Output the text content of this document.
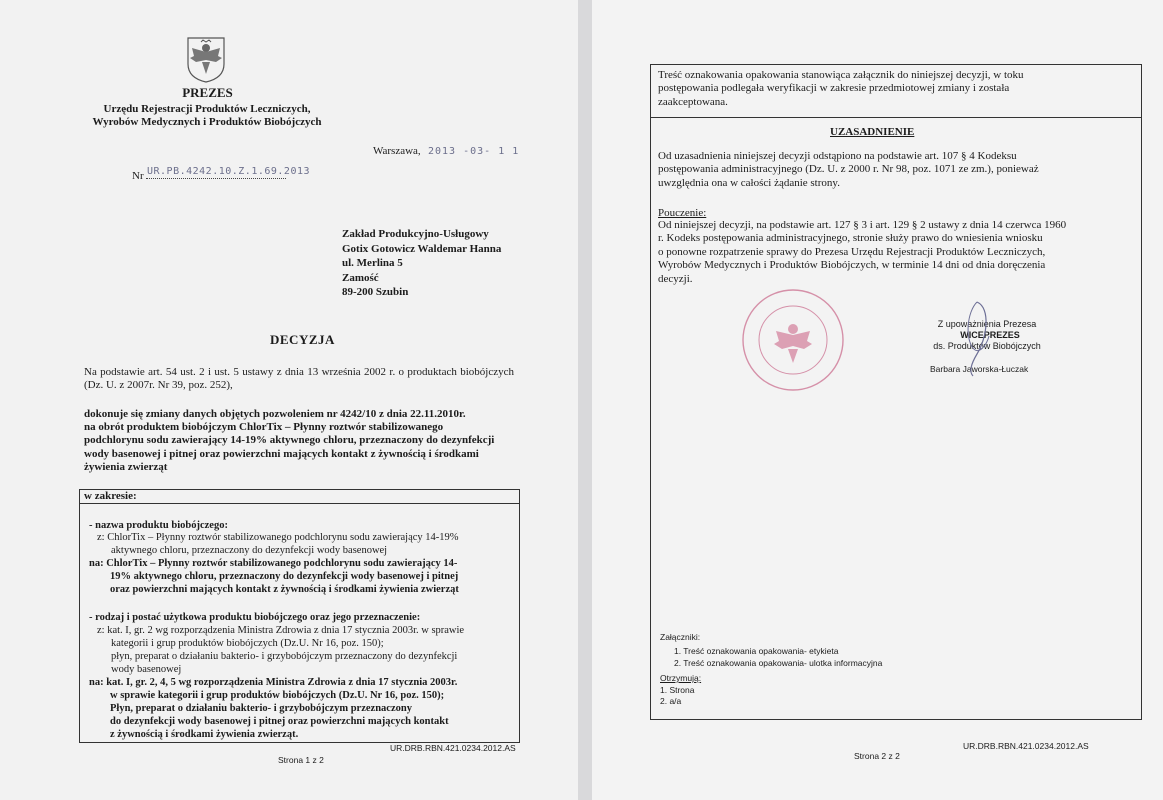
PREZES
Urzędu Rejestracji Produktów Leczniczych,
Wyrobów Medycznych i Produktów Biobójczych
Warszawa, 2013 -03- 1 1
Nr UR.PB.4242.10.Z.1.69.2013
Zakład Produkcyjno-Usługowy
Gotix Gotowicz Waldemar Hanna
ul. Merlina 5
Zamość
89-200 Szubin
DECYZJA
Na podstawie art. 54 ust. 2 i ust. 5 ustawy z dnia 13 września 2002 r. o produktach biobójczych (Dz. U. z 2007r. Nr 39, poz. 252),
dokonuje się zmiany danych objętych pozwoleniem nr 4242/10 z dnia 22.11.2010r.
na obrót produktem biobójczym ChlorTix – Płynny roztwór stabilizowanego
podchlorynu sodu zawierający 14-19% aktywnego chloru, przeznaczony do dezynfekcji
wody basenowej i pitnej oraz powierzchni mających kontakt z żywnością i środkami
żywienia zwierząt
w zakresie:
- nazwa produktu biobójczego:
z: ChlorTix – Płynny roztwór stabilizowanego podchlorynu sodu zawierający 14-19%
aktywnego chloru, przeznaczony do dezynfekcji wody basenowej
na: ChlorTix – Płynny roztwór stabilizowanego podchlorynu sodu zawierający 14-
19% aktywnego chloru, przeznaczony do dezynfekcji wody basenowej i pitnej
oraz powierzchni mających kontakt z żywnością i środkami żywienia zwierząt
- rodzaj i postać użytkowa produktu biobójczego oraz jego przeznaczenie:
z: kat. I, gr. 2 wg rozporządzenia Ministra Zdrowia z dnia 17 stycznia 2003r. w sprawie
kategorii i grup produktów biobójczych (Dz.U. Nr 16, poz. 150);
płyn, preparat o działaniu bakterio- i grzybobójczym przeznaczony do dezynfekcji
wody basenowej
na: kat. I, gr. 2, 4, 5 wg rozporządzenia Ministra Zdrowia z dnia 17 stycznia 2003r.
w sprawie kategorii i grup produktów biobójczych (Dz.U. Nr 16, poz. 150);
Płyn, preparat o działaniu bakterio- i grzybobójczym przeznaczony
do dezynfekcji wody basenowej i pitnej oraz powierzchni mających kontakt
z żywnością i środkami żywienia zwierząt.
UR.DRB.RBN.421.0234.2012.AS
Strona 1 z 2
Treść oznakowania opakowania stanowiąca załącznik do niniejszej decyzji, w toku
postępowania podlegała weryfikacji w zakresie przedmiotowej zmiany i została
zaakceptowana.
UZASADNIENIE
Od uzasadnienia niniejszej decyzji odstąpiono na podstawie art. 107 § 4 Kodeksu
postępowania administracyjnego (Dz. U. z 2000 r. Nr 98, poz. 1071 ze zm.), ponieważ
uwzględnia ona w całości żądanie strony.
Pouczenie:
Od niniejszej decyzji, na podstawie art. 127 § 3 i art. 129 § 2 ustawy z dnia 14 czerwca 1960
r. Kodeks postępowania administracyjnego, stronie służy prawo do wniesienia wniosku
o ponowne rozpatrzenie sprawy do Prezesa Urzędu Rejestracji Produktów Leczniczych,
Wyrobów Medycznych i Produktów Biobójczych, w terminie 14 dni od dnia doręczenia
decyzji.
Z upoważnienia Prezesa
WICEPREZES
ds. Produktów Biobójczych
Barbara Jaworska-Łuczak
Załączniki:
1. Treść oznakowania opakowania- etykieta
2. Treść oznakowania opakowania- ulotka informacyjna
Otrzymują:
1. Strona
2. a/a
Strona 2 z 2
UR.DRB.RBN.421.0234.2012.AS
